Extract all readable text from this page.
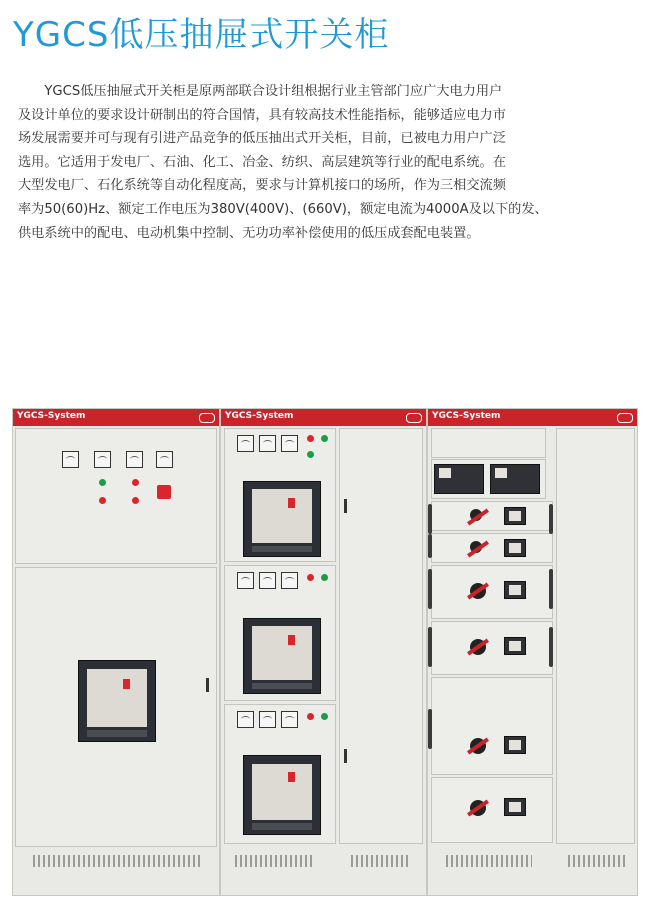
YGCS低压抽屉式开关柜

　　YGCS低压抽屉式开关柜是原两部联合设计组根据行业主管部门应广大电力用户

及设计单位的要求设计研制出的符合国情，具有较高技术性能指标，能够适应电力市

场发展需要并可与现有引进产品竞争的低压抽出式开关柜，目前，已被电力用户广泛

选用。它适用于发电厂、石油、化工、冶金、纺织、高层建筑等行业的配电系统。在

大型发电厂、石化系统等自动化程度高，要求与计算机接口的场所，作为三相交流频

率为50(60)Hz、额定工作电压为380V(400V)、(660V)，额定电流为4000A及以下的发、

供电系统中的配电、电动机集中控制、无功功率补偿使用的低压成套配电装置。

YGCS-System	YGCS-System	YGCS-System
